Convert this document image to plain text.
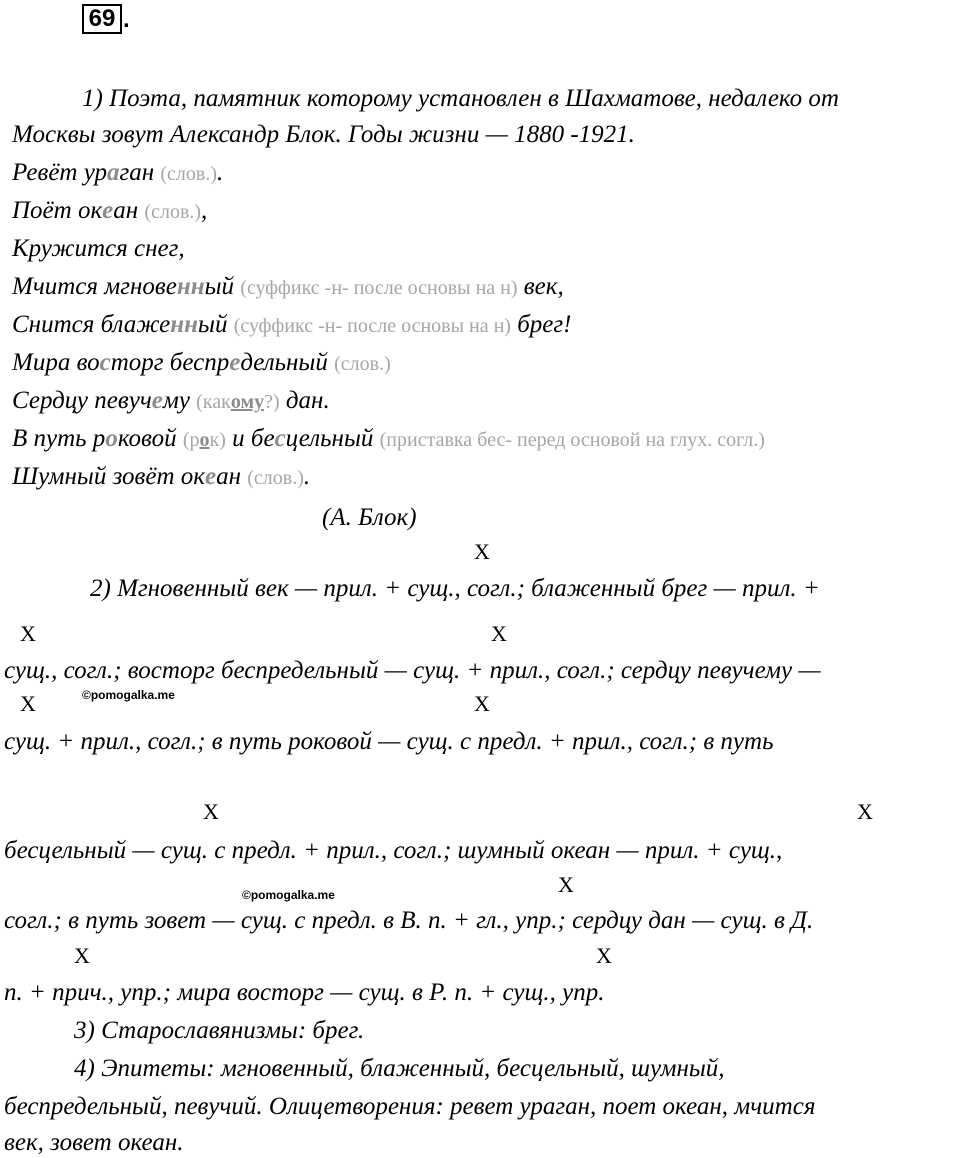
69 .
1) Поэта, памятник которому установлен в Шахматове, недалеко от
Москвы зовут Александр Блок. Годы жизни — 1880 -1921.
Ревёт ураган (слов.).
Поёт океан (слов.),
Кружится снег,
Мчится мгновенный (суффикс -н- после основы на н) век,
Снится блаженный (суффикс -н- после основы на н) брег!
Мира восторг беспредельный (слов.)
Сердцу певучему (какому?) дан.
В путь роковой (рок) и бесцельный (приставка бес- перед основой на глух. согл.)
Шумный зовёт океан (слов.).
(А. Блок)
Х
2) Мгновенный век — прил. + сущ., согл.; блаженный брег — прил. +
Х	Х
сущ., согл.; восторг беспредельный — сущ. + прил., согл.; сердцу певучему —
©pomogalka.me
Х	Х
сущ. + прил., согл.; в путь роковой — сущ. с предл. + прил., согл.; в путь
Х	Х
бесцельный — сущ. с предл. + прил., согл.; шумный океан — прил. + сущ.,
Х
©pomogalka.me
согл.; в путь зовет — сущ. с предл. в В. п. + гл., упр.; сердцу дан — сущ. в Д.
Х	Х
п. + прич., упр.; мира восторг — сущ. в Р. п. + сущ., упр.
3) Старославянизмы: брег.
4) Эпитеты: мгновенный, блаженный, бесцельный, шумный,
беспредельный, певучий. Олицетворения: ревет ураган, поет океан, мчится
век, зовет океан.
